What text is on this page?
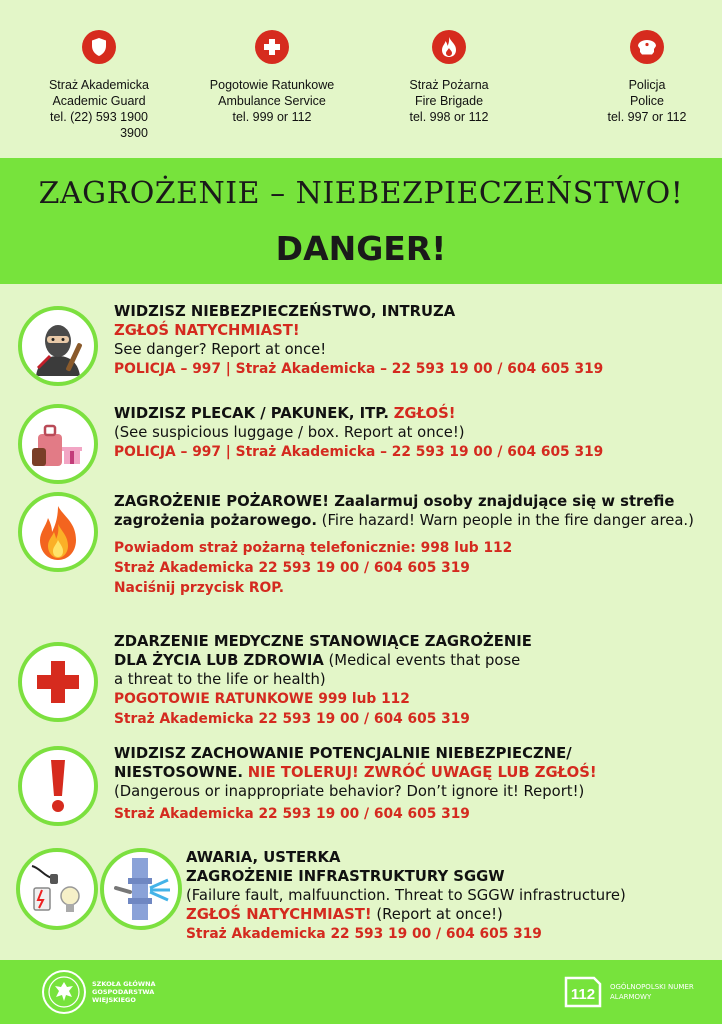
Straż Akademicka
Academic Guard
tel. (22) 593 1900
3900
Pogotowie Ratunkowe
Ambulance Service
tel. 999 or 112
Straż Pożarna
Fire Brigade
tel. 998 or 112
Policja
Police
tel. 997 or 112
ZAGROŻENIE – NIEBEZPIECZEŃSTWO!
DANGER!
WIDZISZ NIEBEZPIECZEŃSTWO, INTRUZA
ZGŁOŚ NATYCHMIAST!
See danger? Report at once!
POLICJA – 997 | Straż Akademicka – 22 593 19 00 / 604 605 319
WIDZISZ PLECAK / PAKUNEK, ITP. ZGŁOŚ!
(See suspicious luggage / box. Report at once!)
POLICJA – 997 | Straż Akademicka – 22 593 19 00 / 604 605 319
ZAGROŻENIE POŻAROWE! Zaalarmuj osoby znajdujące się w strefie zagrożenia pożarowego. (Fire hazard! Warn people in the fire danger area.)
Powiadom straż pożarną telefonicznie: 998 lub 112
Straż Akademicka 22 593 19 00 / 604 605 319
Naciśnij przycisk ROP.
ZDARZENIE MEDYCZNE STANOWIĄCE ZAGROŻENIE
DLA ŻYCIA LUB ZDROWIA (Medical events that pose
a threat to the life or health)
POGOTOWIE RATUNKOWE 999 lub 112
Straż Akademicka 22 593 19 00 / 604 605 319
WIDZISZ ZACHOWANIE POTENCJALNIE NIEBEZPIECZNE/
NIESTOSOWNE. NIE TOLERUJ! ZWRÓĆ UWAGĘ LUB ZGŁOŚ!
(Dangerous or inappropriate behavior? Don’t ignore it! Report!)
Straż Akademicka 22 593 19 00 / 604 605 319
AWARIA, USTERKA
ZAGROŻENIE INFRASTRUKTURY SGGW
(Failure fault, malfuunction. Threat to SGGW infrastructure)
ZGŁOŚ NATYCHMIAST! (Report at once!)
Straż Akademicka 22 593 19 00 / 604 605 319
SZKOŁA GŁÓWNA GOSPODARSTWA WIEJSKIEGO	112 OGÓLNOPOLSKI NUMER ALARMOWY
